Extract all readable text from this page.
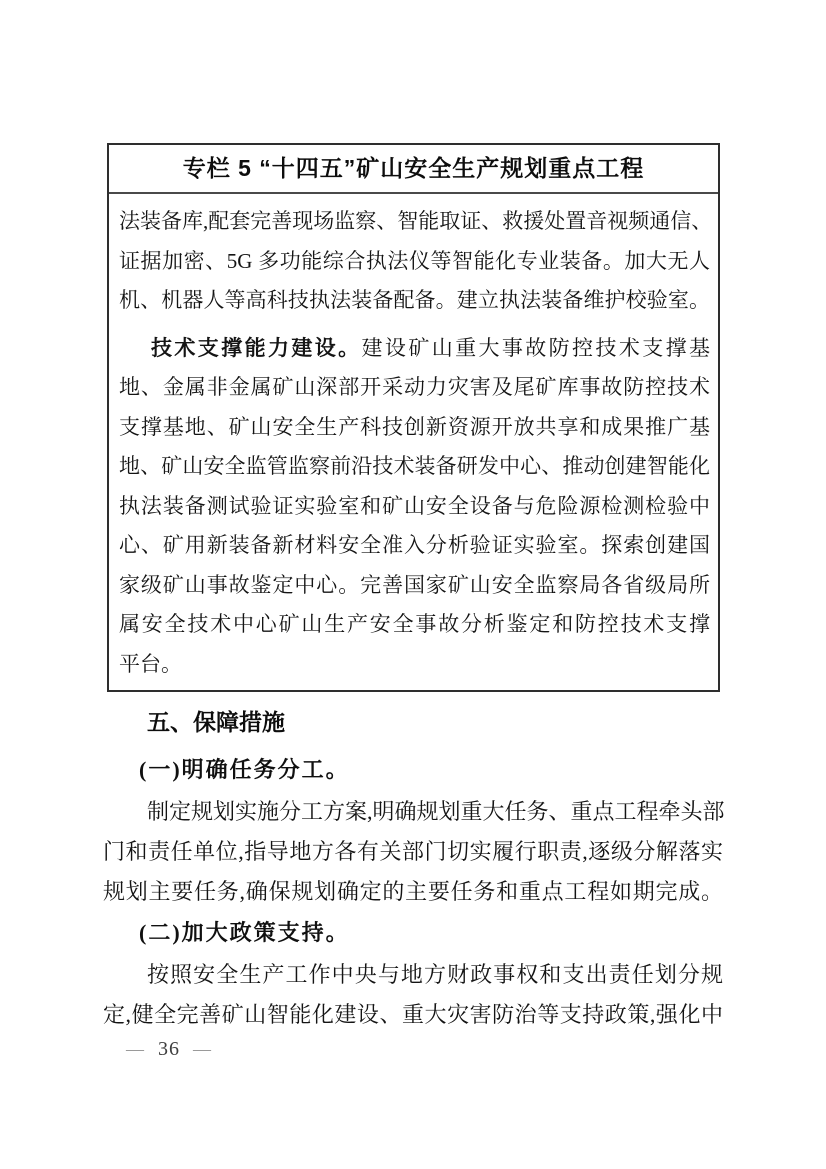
专栏 5 “十四五”矿山安全生产规划重点工程
法装备库,配套完善现场监察、智能取证、救援处置音视频通信、
证据加密、5G 多功能综合执法仪等智能化专业装备。加大无人
机、机器人等高科技执法装备配备。建立执法装备维护校验室。
技术支撑能力建设。建设矿山重大事故防控技术支撑基
地、金属非金属矿山深部开采动力灾害及尾矿库事故防控技术
支撑基地、矿山安全生产科技创新资源开放共享和成果推广基
地、矿山安全监管监察前沿技术装备研发中心、推动创建智能化
执法装备测试验证实验室和矿山安全设备与危险源检测检验中
心、矿用新装备新材料安全准入分析验证实验室。探索创建国
家级矿山事故鉴定中心。完善国家矿山安全监察局各省级局所
属安全技术中心矿山生产安全事故分析鉴定和防控技术支撑
平台。
五、保障措施
(一)明确任务分工。
制定规划实施分工方案,明确规划重大任务、重点工程牵头部
门和责任单位,指导地方各有关部门切实履行职责,逐级分解落实
规划主要任务,确保规划确定的主要任务和重点工程如期完成。
(二)加大政策支持。
按照安全生产工作中央与地方财政事权和支出责任划分规
定,健全完善矿山智能化建设、重大灾害防治等支持政策,强化中
— 36 —
